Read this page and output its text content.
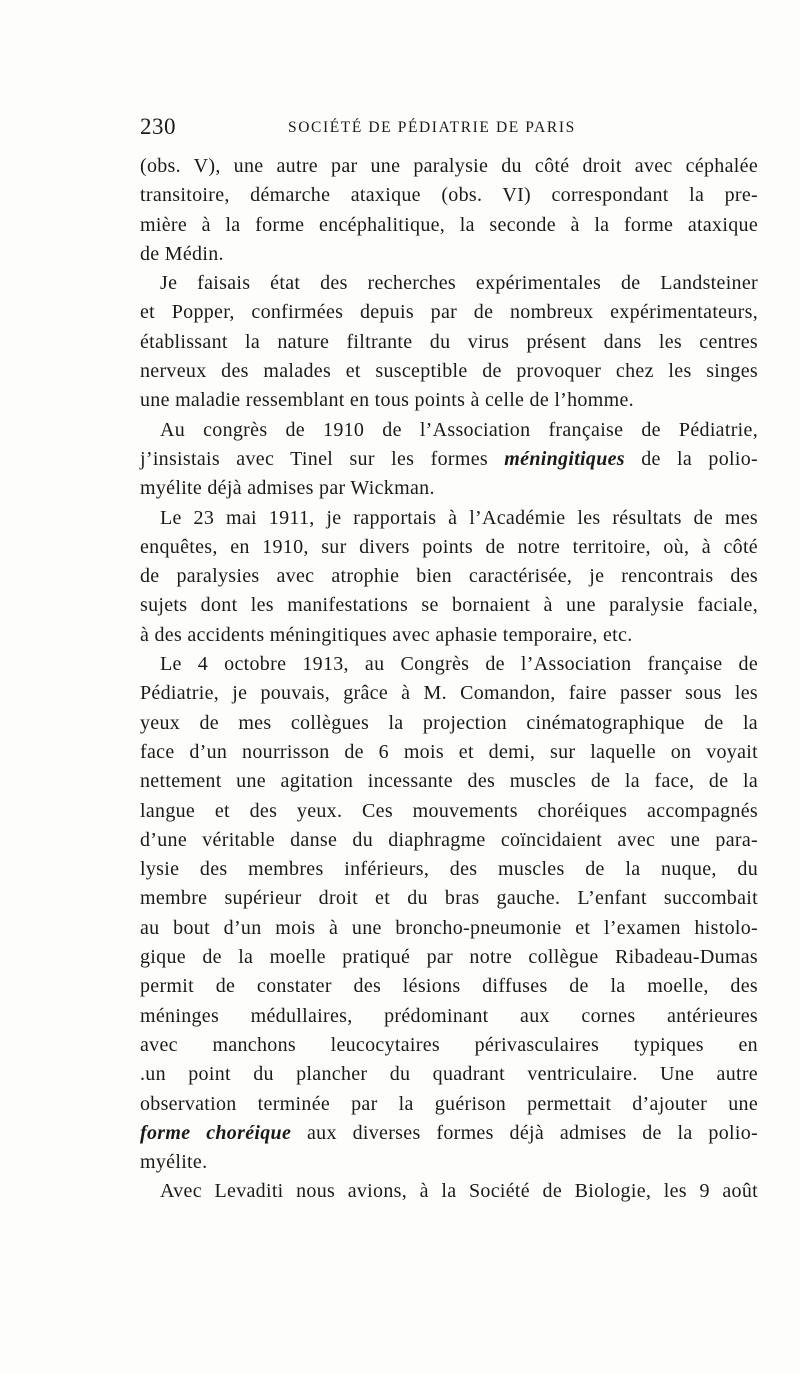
230	SOCIÉTÉ DE PÉDIATRIE DE PARIS
(obs. V), une autre par une paralysie du côté droit avec céphalée
transitoire, démarche ataxique (obs. VI) correspondant la pre-
mière à la forme encéphalitique, la seconde à la forme ataxique
de Médin.
Je faisais état des recherches expérimentales de Landsteiner
et Popper, confirmées depuis par de nombreux expérimentateurs,
établissant la nature filtrante du virus présent dans les centres
nerveux des malades et susceptible de provoquer chez les singes
une maladie ressemblant en tous points à celle de l’homme.
Au congrès de 1910 de l’Association française de Pédiatrie,
j’insistais avec Tinel sur les formes méningitiques de la polio-
myélite déjà admises par Wickman.
Le 23 mai 1911, je rapportais à l’Académie les résultats de mes
enquêtes, en 1910, sur divers points de notre territoire, où, à côté
de paralysies avec atrophie bien caractérisée, je rencontrais des
sujets dont les manifestations se bornaient à une paralysie faciale,
à des accidents méningitiques avec aphasie temporaire, etc.
Le 4 octobre 1913, au Congrès de l’Association française de
Pédiatrie, je pouvais, grâce à M. Comandon, faire passer sous les
yeux de mes collègues la projection cinématographique de la
face d’un nourrisson de 6 mois et demi, sur laquelle on voyait
nettement une agitation incessante des muscles de la face, de la
langue et des yeux. Ces mouvements choréiques accompagnés
d’une véritable danse du diaphragme coïncidaient avec une para-
lysie des membres inférieurs, des muscles de la nuque, du
membre supérieur droit et du bras gauche. L’enfant succombait
au bout d’un mois à une broncho-pneumonie et l’examen histolo-
gique de la moelle pratiqué par notre collègue Ribadeau-Dumas
permit de constater des lésions diffuses de la moelle, des
méninges médullaires, prédominant aux cornes antérieures
avec manchons leucocytaires périvasculaires typiques en
.un point du plancher du quadrant ventriculaire. Une autre
observation terminée par la guérison permettait d’ajouter une
forme choréique aux diverses formes déjà admises de la polio-
myélite.
Avec Levaditi nous avions, à la Société de Biologie, les 9 août
